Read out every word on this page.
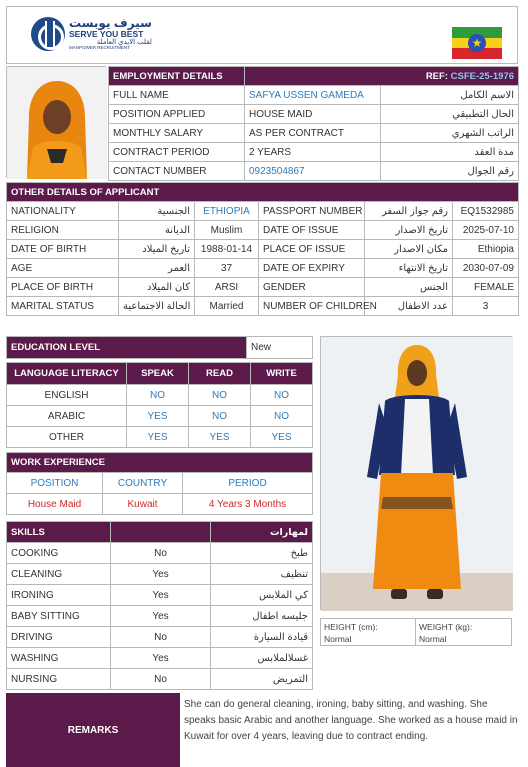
سيرف يوبست
SERVE YOU BEST
لقلب الايدي العاملة
MANPOWER RECRUITMENT	★
EMPLOYMENT DETAILS	REF: CSFE-25-1976	
FULL NAME	SAFYA USSEN GAMEDA	الاسم الكامل
POSITION APPLIED	HOUSE MAID	الحال التطبيقي
MONTHLY SALARY	AS PER CONTRACT	الراتب الشهري
CONTRACT PERIOD	2 YEARS	مدة العقد
CONTACT NUMBER	0923504867	رقم الجوال
OTHER DETAILS OF APPLICANT					
NATIONALITY	الجنسية	ETHIOPIA	PASSPORT NUMBER	رقم جواز السفر	EQ1532985
RELIGION	الديانة	Muslim	DATE OF ISSUE	تاريخ الاصدار	2025-07-10
DATE OF BIRTH	تاريخ الميلاد	1988-01-14	PLACE OF ISSUE	مكان الاصدار	Ethiopia
AGE	العمر	37	DATE OF EXPIRY	تاريخ الانتهاء	2030-07-09
PLACE OF BIRTH	كان الميلاد	ARSI	GENDER	الجنس	FEMALE
MARITAL STATUS	الحالة الاجتماعية	Married	NUMBER OF CHILDREN	عدد الاطفال	3
EDUCATION LEVEL	New
LANGUAGE LITERACY	SPEAK	READ	WRITE
ENGLISH	NO	NO	NO
ARABIC	YES	NO	NO
OTHER	YES	YES	YES
WORK EXPERIENCE		
POSITION	COUNTRY	PERIOD
House Maid	Kuwait	4 Years 3 Months
SKILLS		لمهارات
COOKING	No	طبخ
CLEANING	Yes	تنظيف
IRONING	Yes	كي الملابس
BABY SITTING	Yes	جليسه اطفال
DRIVING	No	قيادة السيارة
WASHING	Yes	غسلالملابس
NURSING	No	التمريض
HEIGHT (cm):
Normal
WEIGHT (kg):
Normal
REMARKS
She can do general cleaning, ironing, baby sitting, and washing. She speaks basic Arabic and another language. She worked as a house maid in Kuwait for over 4 years, leaving due to contract ending.
